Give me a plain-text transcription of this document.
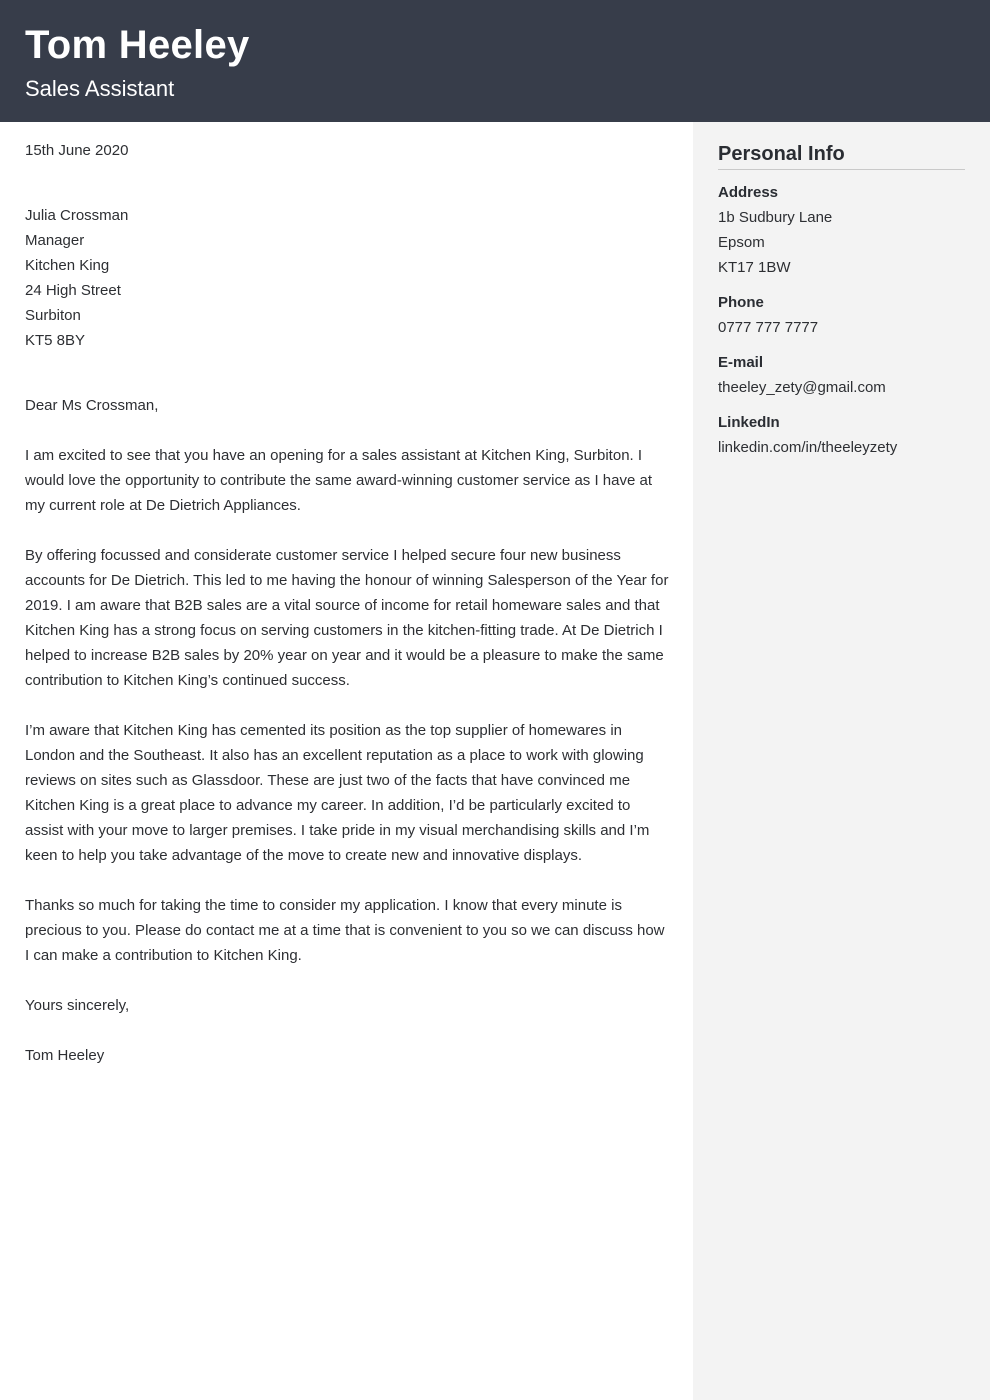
Tom Heeley
Sales Assistant
15th June 2020
Julia Crossman
Manager
Kitchen King
24 High Street
Surbiton
KT5 8BY
Dear Ms Crossman,

I am excited to see that you have an opening for a sales assistant at Kitchen King, Surbiton. I would love the opportunity to contribute the same award-winning customer service as I have at my current role at De Dietrich Appliances.

By offering focussed and considerate customer service I helped secure four new business accounts for De Dietrich. This led to me having the honour of winning Salesperson of the Year for 2019. I am aware that B2B sales are a vital source of income for retail homeware sales and that Kitchen King has a strong focus on serving customers in the kitchen-fitting trade. At De Dietrich I helped to increase B2B sales by 20% year on year and it would be a pleasure to make the same contribution to Kitchen King’s continued success.

I’m aware that Kitchen King has cemented its position as the top supplier of homewares in London and the Southeast. It also has an excellent reputation as a place to work with glowing reviews on sites such as Glassdoor. These are just two of the facts that have convinced me Kitchen King is a great place to advance my career. In addition, I’d be particularly excited to assist with your move to larger premises. I take pride in my visual merchandising skills and I’m keen to help you take advantage of the move to create new and innovative displays.

Thanks so much for taking the time to consider my application. I know that every minute is precious to you. Please do contact me at a time that is convenient to you so we can discuss how I can make a contribution to Kitchen King.

Yours sincerely,
Tom Heeley
Personal Info
Address
1b Sudbury Lane
Epsom
KT17 1BW
Phone
0777 777 7777
E-mail
theeley_zety@gmail.com
LinkedIn
linkedin.com/in/theeleyzety
